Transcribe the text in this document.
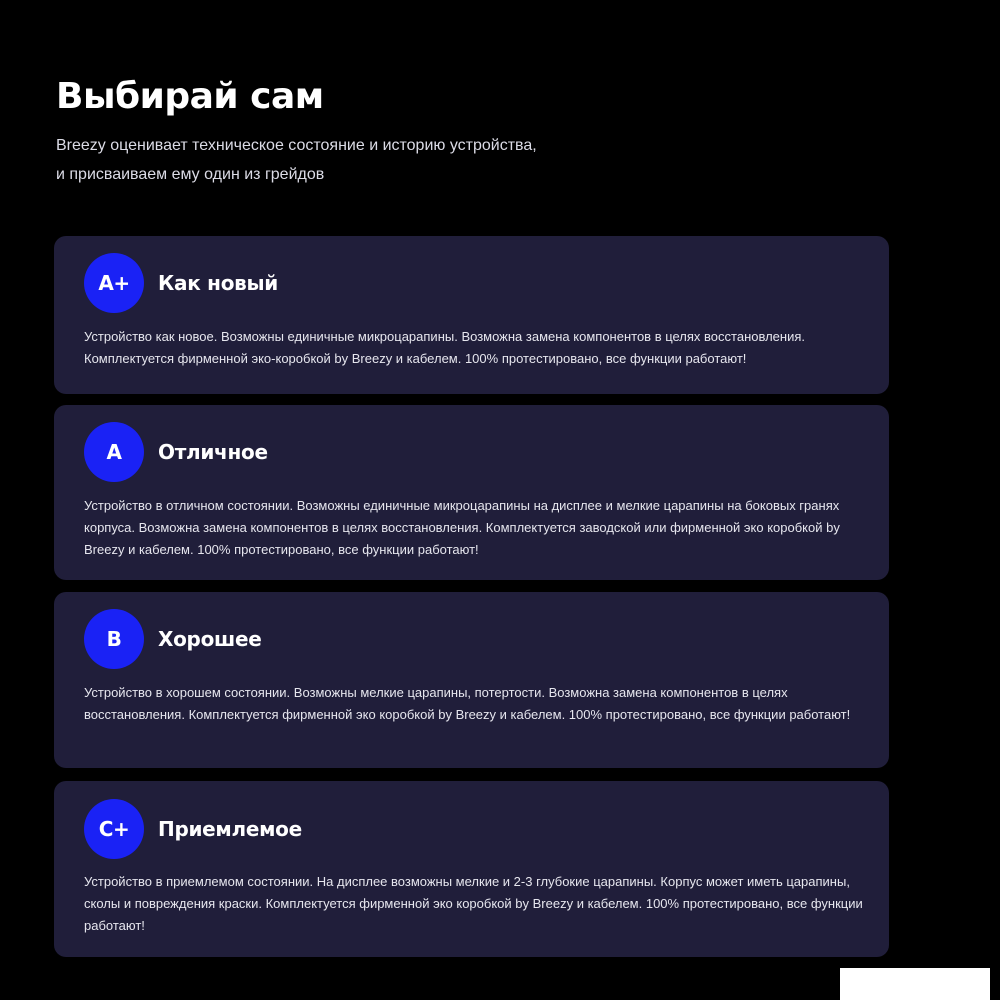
Выбирай сам

Breezy оценивает техническое состояние и историю устройства,
и присваиваем ему один из грейдов

A+	Как новый

Устройство как новое. Возможны единичные микроцарапины. Возможна замена компонентов в целях восстановления. Комплектуется фирменной эко-коробкой by Breezy и кабелем. 100% протестировано, все функции работают!

A	Отличное

Устройство в отличном состоянии. Возможны единичные микроцарапины на дисплее и мелкие царапины на боковых гранях корпуса. Возможна замена компонентов в целях восстановления. Комплектуется заводской или фирменной эко коробкой by Breezy и кабелем. 100% протестировано, все функции работают!

B	Хорошее

Устройство в хорошем состоянии. Возможны мелкие царапины, потертости. Возможна замена компонентов в целях восстановления. Комплектуется фирменной эко коробкой by Breezy и кабелем. 100% протестировано, все функции работают!

C+	Приемлемое

Устройство в приемлемом состоянии. На дисплее возможны мелкие и 2-3 глубокие царапины. Корпус может иметь царапины, сколы и повреждения краски. Комплектуется фирменной эко коробкой by Breezy и кабелем. 100% протестировано, все функции работают!
